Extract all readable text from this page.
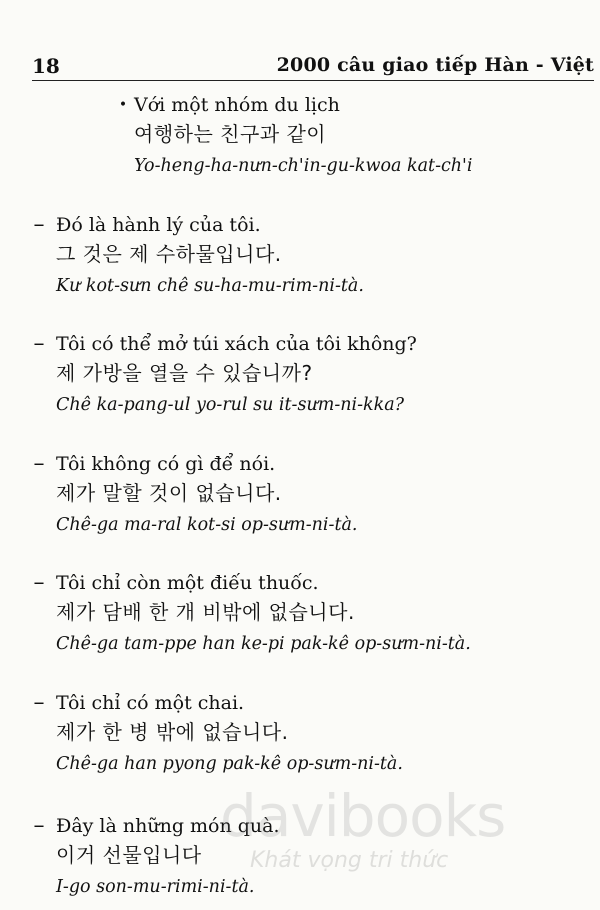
18	2000 câu giao tiếp Hàn - Việt
• Với một nhóm du lịch
여행하는 친구과 같이
Yo-heng-ha-nưn-ch'in-gu-kwoa kat-ch'i
– Đó là hành lý của tôi.
그 것은 제 수하물입니다.
Kư kot-sưn chê su-ha-mu-rim-ni-tà.
– Tôi có thể mở túi xách của tôi không?
제 가방을 열을 수 있습니까?
Chê ka-pang-ul yo-rul su it-sưm-ni-kka?
– Tôi không có gì để nói.
제가 말할 것이 없습니다.
Chê-ga ma-ral kot-si op-sưm-ni-tà.
– Tôi chỉ còn một điếu thuốc.
제가 담배 한 개 비밖에 없습니다.
Chê-ga tam-ppe han ke-pi pak-kê op-sưm-ni-tà.
– Tôi chỉ có một chai.
제가 한 병 밖에 없습니다.
Chê-ga han pyong pak-kê op-sưm-ni-tà.
– Đây là những món quà.
이거 선물입니다
I-go son-mu-rimi-ni-tà.
davibooks
Khát vọng tri thức
